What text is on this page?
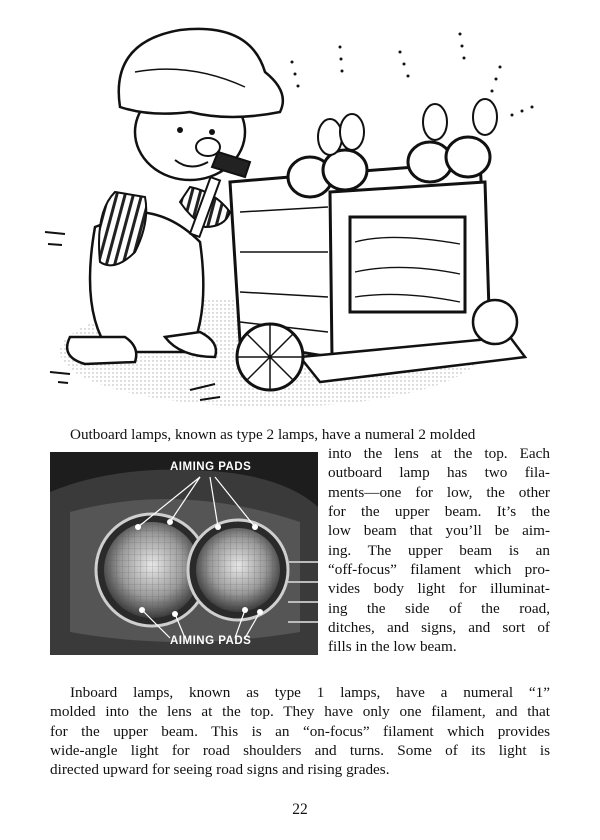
Outboard lamps, known as type 2 lamps, have a numeral 2 molded
AIMING PADS
AIMING PADS
into the lens at the top. Each
outboard lamp has two fila-
ments—one for low, the other
for the upper beam. It’s the
low beam that you’ll be aim-
ing. The upper beam is an
“off-focus” filament which pro-
vides body light for illuminat-
ing the side of the road,
ditches, and signs, and sort of
fills in the low beam.
Inboard lamps, known as type 1 lamps, have a numeral “1”
molded into the lens at the top. They have only one filament, and that
for the upper beam. This is an “on-focus” filament which provides
wide-angle light for road shoulders and turns. Some of its light is
directed upward for seeing road signs and rising grades.
22
